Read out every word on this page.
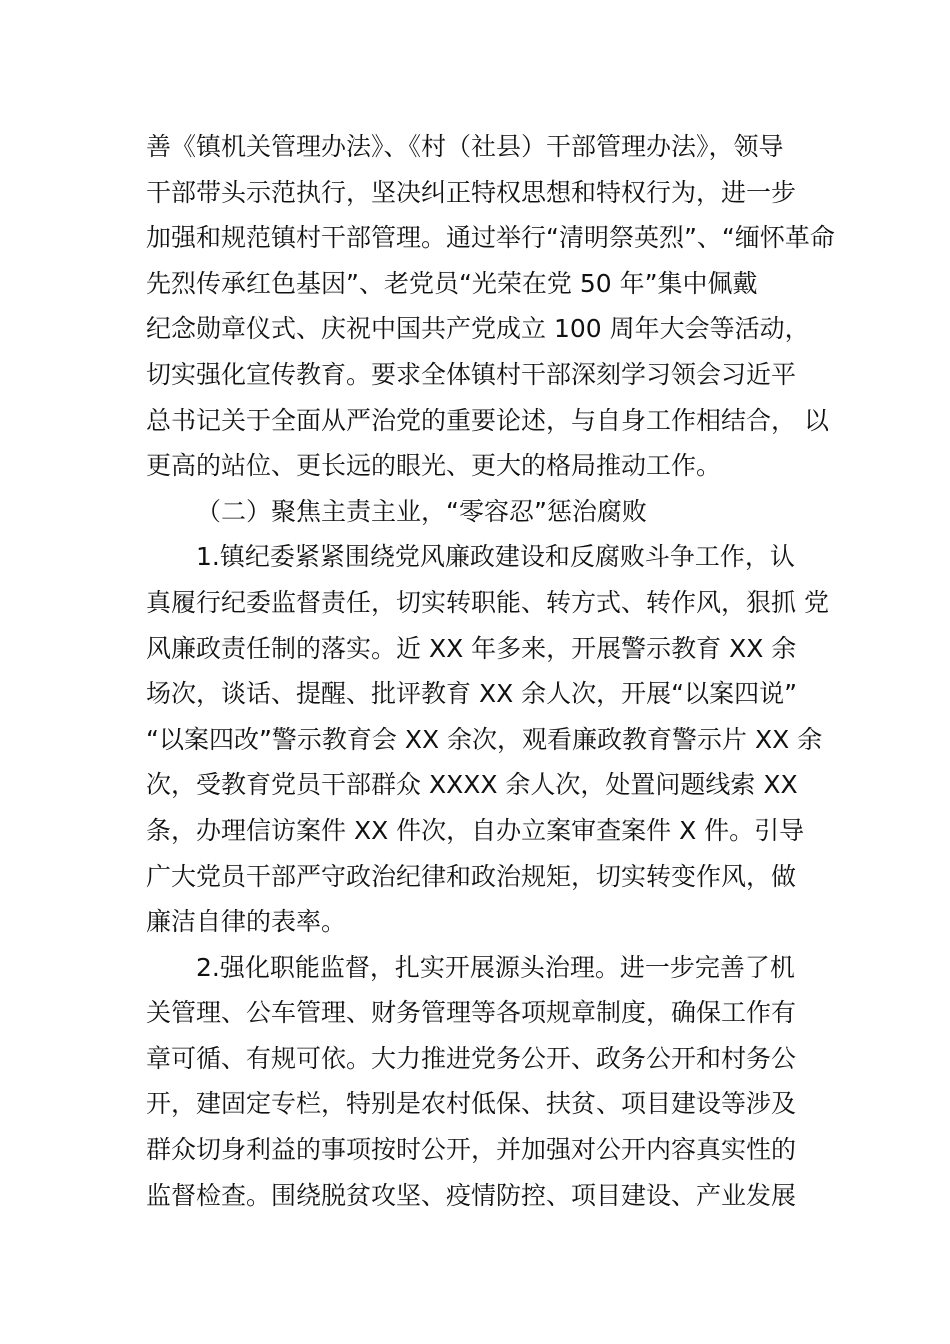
善《镇机关管理办法》、《村（社县）干部管理办法》，领导
干部带头示范执行，坚决纠正特权思想和特权行为，进一步
加强和规范镇村干部管理。通过举行“清明祭英烈”、“缅怀革命
先烈传承红色基因”、老党员“光荣在党 50 年”集中佩戴
纪念勋章仪式、庆祝中国共产党成立 100 周年大会等活动，
切实强化宣传教育。要求全体镇村干部深刻学习领会习近平
总书记关于全面从严治党的重要论述，与自身工作相结合， 以
更高的站位、更长远的眼光、更大的格局推动工作。
（二）聚焦主责主业，“零容忍”惩治腐败
1.镇纪委紧紧围绕党风廉政建设和反腐败斗争工作，认
真履行纪委监督责任，切实转职能、转方式、转作风，狠抓 党
风廉政责任制的落实。近 XX 年多来，开展警示教育 XX 余
场次，谈话、提醒、批评教育 XX 余人次，开展“以案四说”
“以案四改”警示教育会 XX 余次，观看廉政教育警示片 XX 余
次，受教育党员干部群众 XXXX 余人次，处置问题线索 XX
条，办理信访案件 XX 件次，自办立案审查案件 X 件。引导
广大党员干部严守政治纪律和政治规矩，切实转变作风，做
廉洁自律的表率。
2.强化职能监督，扎实开展源头治理。进一步完善了机
关管理、公车管理、财务管理等各项规章制度，确保工作有
章可循、有规可依。大力推进党务公开、政务公开和村务公
开，建固定专栏，特别是农村低保、扶贫、项目建设等涉及
群众切身利益的事项按时公开，并加强对公开内容真实性的
监督检查。围绕脱贫攻坚、疫情防控、项目建设、产业发展
